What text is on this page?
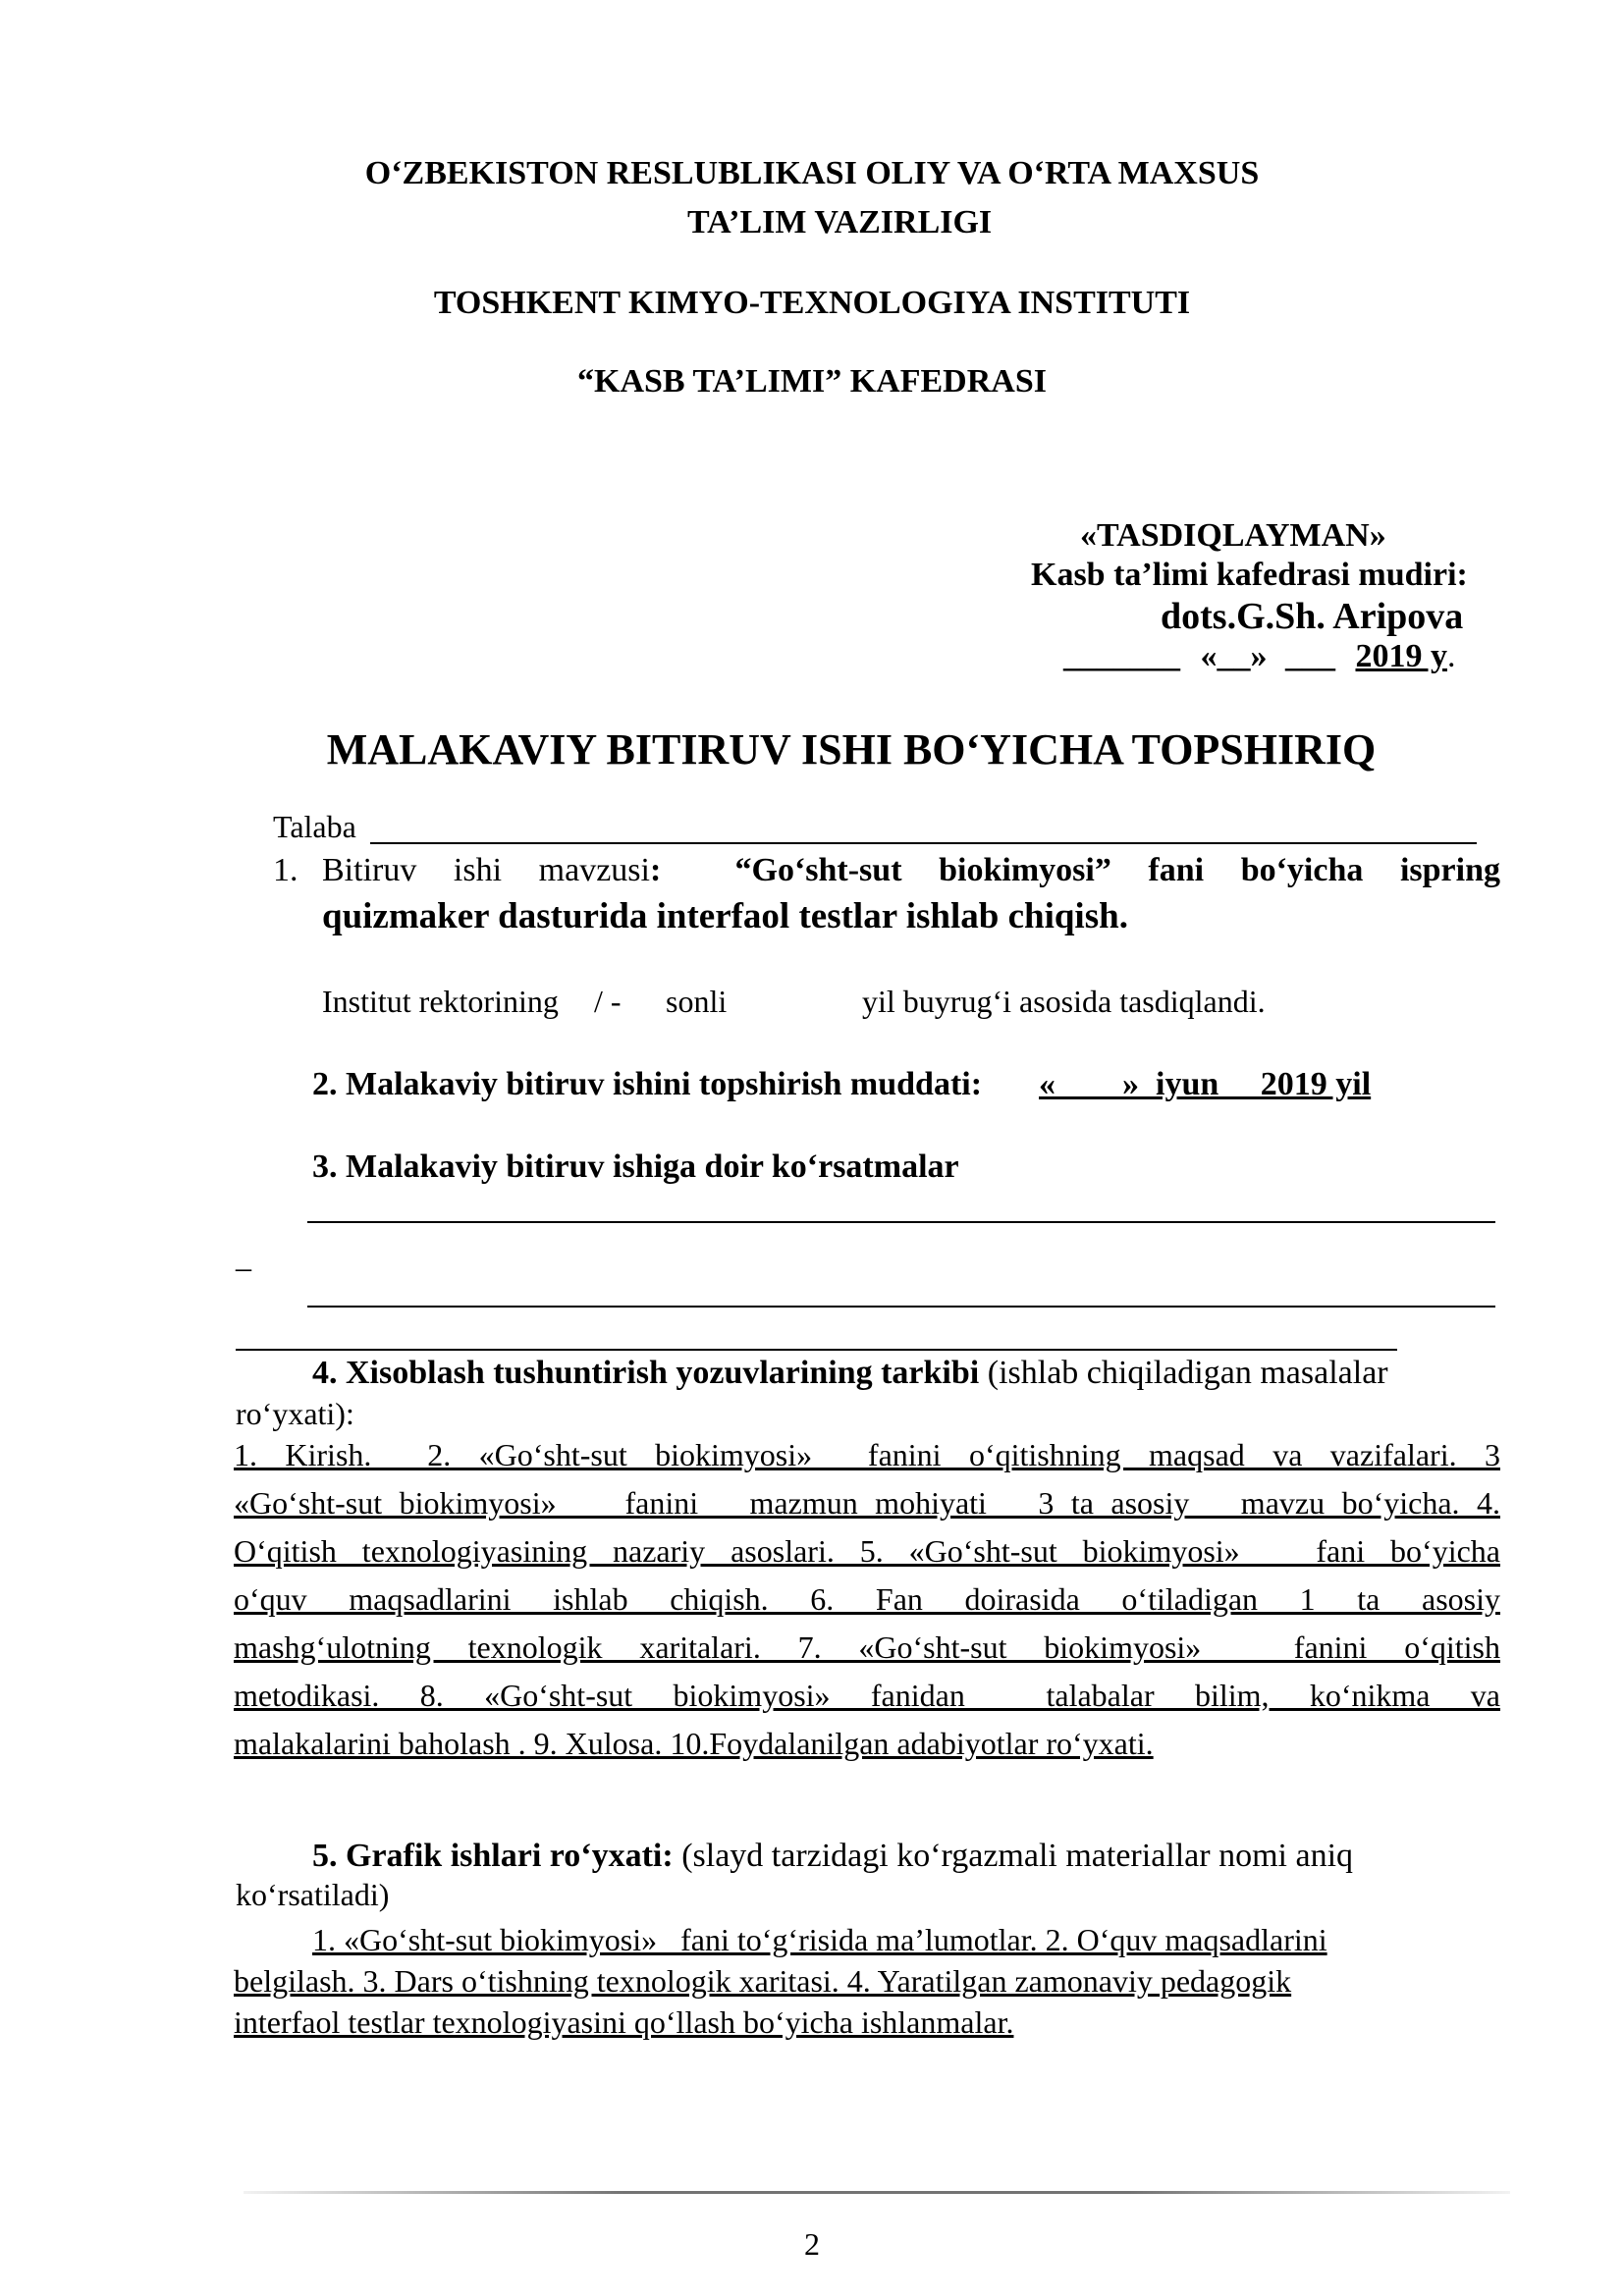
O‘ZBEKISTON RESLUBLIKASI OLIY VA O‘RTA MAXSUS
TA’LIM VAZIRLIGI
TOSHKENT KIMYO-TEXNOLOGIYA INSTITUTI
“KASB TA’LIMI” KAFEDRASI
«TASDIQLAYMAN»
Kasb ta’limi kafedrasi mudiri:
dots.G.Sh. Aripova
_______ «__» ___ 2019 y.
MALAKAVIY BITIRUV ISHI BO‘YICHA TOPSHIRIQ
Talaba
1. Bitiruv ishi mavzusi: “Go‘sht-sut biokimyosi” fani bo‘yicha ispring
quizmaker dasturida interfaol testlar ishlab chiqish.
Institut rektorining / - sonli	yil buyrug‘i asosida tasdiqlandi.
2. Malakaviy bitiruv ishini topshirish muddati: «        »  iyun     2019 yil
3. Malakaviy bitiruv ishiga doir ko‘rsatmalar
_
4. Xisoblash tushuntirish yozuvlarining tarkibi (ishlab chiqiladigan masalalar
ro‘yxati):
1.  Kirish.    2.  «Go‘sht-sut  biokimyosi»    fanini  o‘qitishning  maqsad  va  vazifalari.  3
«Go‘sht-sut biokimyosi»    fanini   mazmun mohiyati   3 ta asosiy   mavzu bo‘yicha. 4.
O‘qitish texnologiyasining nazariy asoslari. 5. «Go‘sht-sut biokimyosi»   fani bo‘yicha
o‘quv   maqsadlarini   ishlab   chiqish.   6.   Fan   doirasida   o‘tiladigan   1   ta   asosiy
mashg‘ulotning  texnologik  xaritalari.  7.  «Go‘sht-sut  biokimyosi»     fanini  o‘qitish
metodikasi.  8.  «Go‘sht-sut  biokimyosi»  fanidan    talabalar  bilim,  ko‘nikma  va
malakalarini baholash . 9. Xulosa. 10.Foydalanilgan adabiyotlar ro‘yxati.
5. Grafik ishlari ro‘yxati: (slayd tarzidagi ko‘rgazmali materiallar nomi aniq
ko‘rsatiladi)
1. «Go‘sht-sut biokimyosi»   fani to‘g‘risida ma’lumotlar. 2. O‘quv maqsadlarini
belgilash. 3. Dars o‘tishning texnologik xaritasi. 4. Yaratilgan zamonaviy pedagogik
interfaol testlar texnologiyasini qo‘llash bo‘yicha ishlanmalar.
2
